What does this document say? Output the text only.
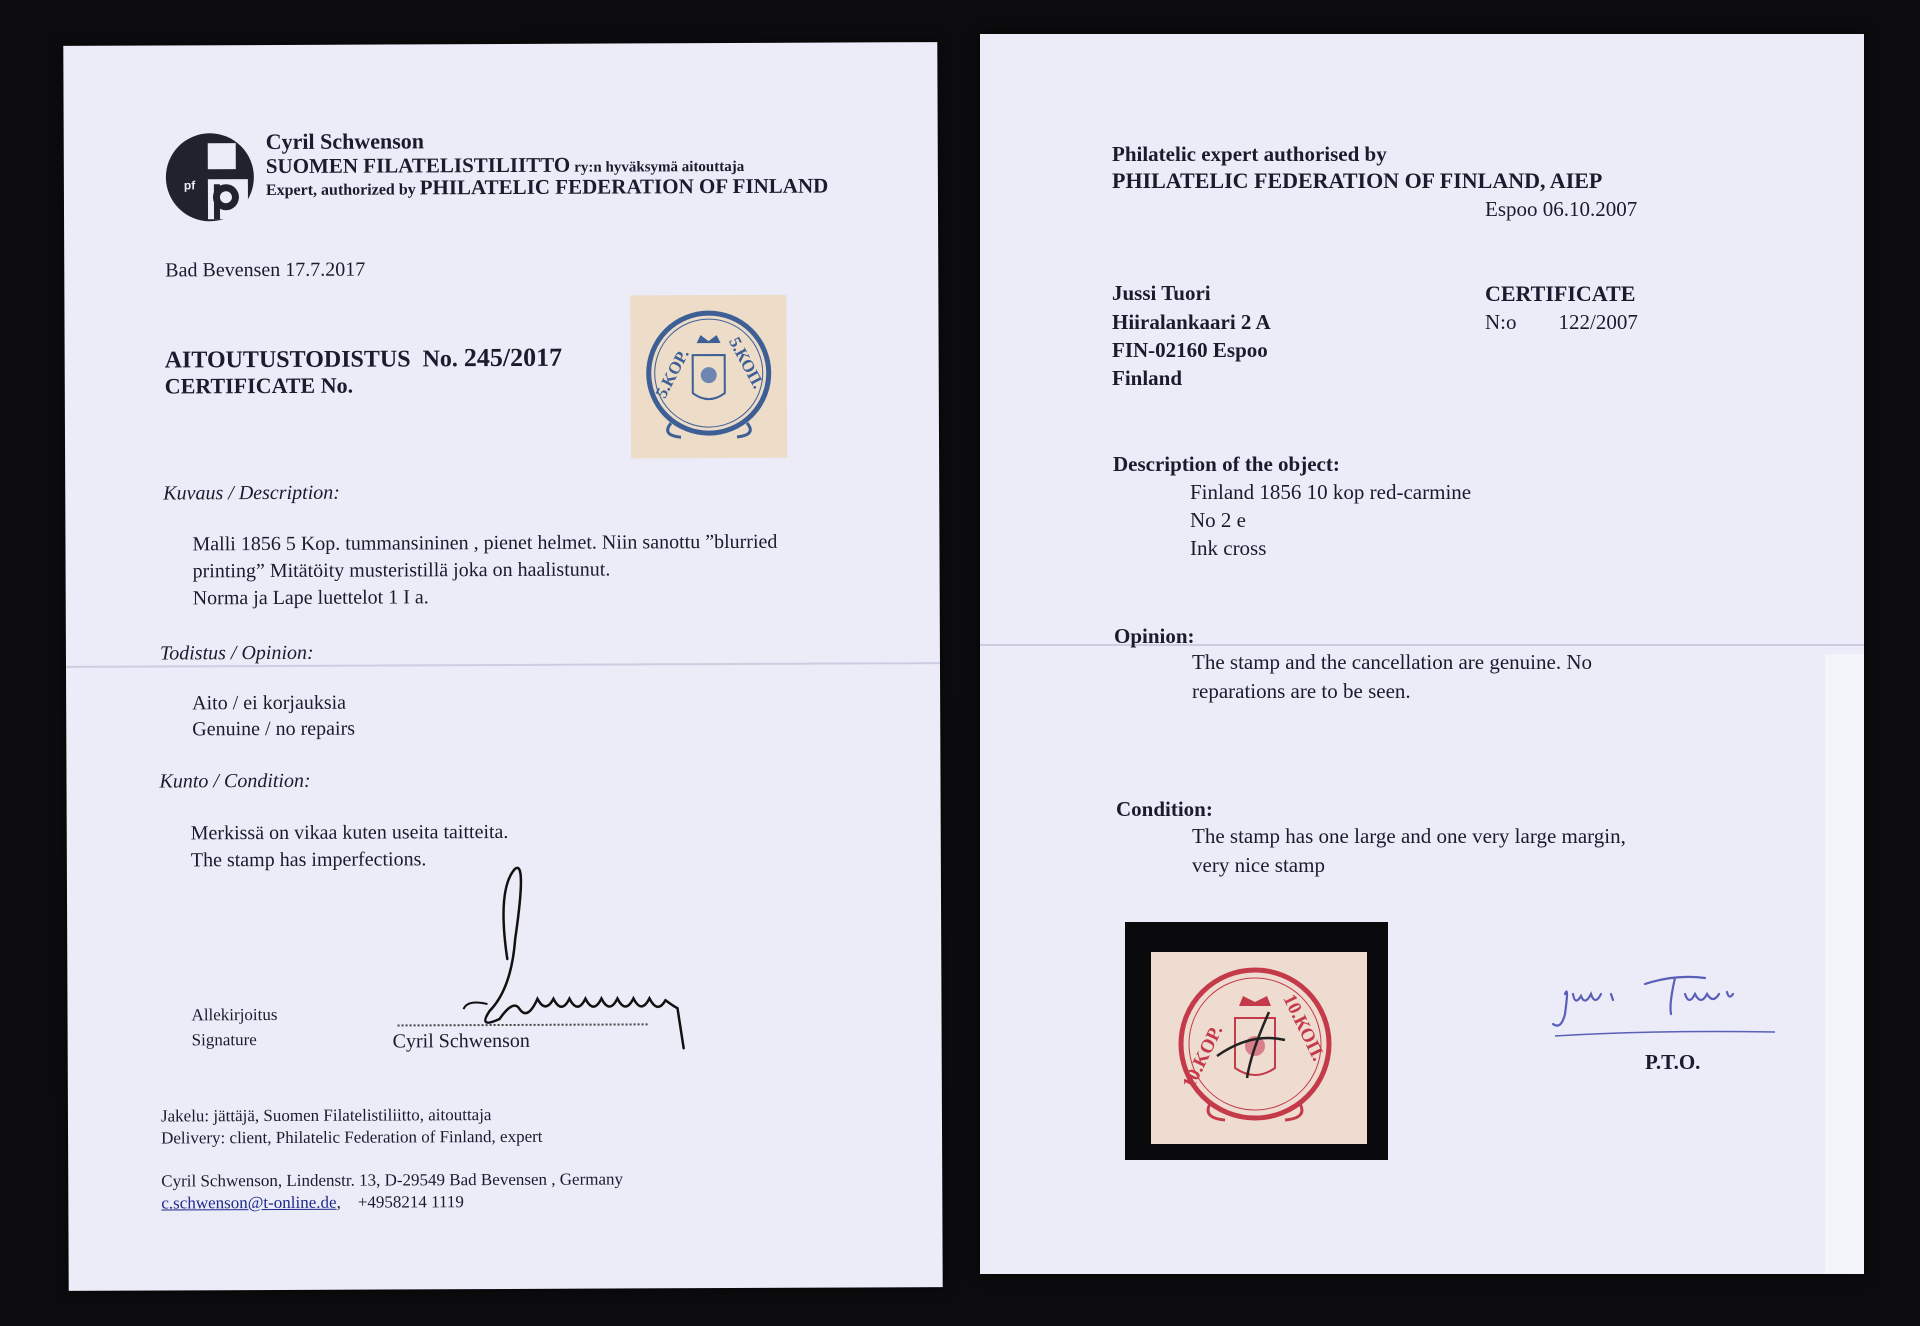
pf
Cyril Schwenson
SUOMEN FILATELISTILIITTO ry:n hyväksymä aitouttaja
Expert, authorized by PHILATELIC FEDERATION OF FINLAND
Bad Bevensen 17.7.2017
AITOUTUSTODISTUS No. 245/2017
CERTIFICATE No.	5.KOP. 5.КОП.
Kuvaus / Description:
Malli 1856 5 Kop. tummansininen , pienet helmet. Niin sanottu ”blurried
printing” Mitätöity musteristillä joka on haalistunut.
Norma ja Lape luettelot 1 I a.
Todistus / Opinion:
Aito / ei korjauksia
Genuine / no repairs
Kunto / Condition:
Merkissä on vikaa kuten useita taitteita.
The stamp has imperfections.
Allekirjoitus
Signature	Cyril Schwenson
Jakelu: jättäjä, Suomen Filatelistiliitto, aitouttaja
Delivery: client, Philatelic Federation of Finland, expert
Cyril Schwenson, Lindenstr. 13, D-29549 Bad Bevensen , Germany
c.schwenson@t-online.de,    +4958214 1119
Philatelic expert authorised by
PHILATELIC FEDERATION OF FINLAND, AIEP
Espoo 06.10.2007
Jussi Tuori
Hiiralankaari 2 A
FIN-02160 Espoo
Finland
CERTIFICATE
N:o 122/2007
Description of the object:
Finland 1856 10 kop red-carmine
No 2 e
Ink cross
Opinion:
The stamp and the cancellation are genuine. No
reparations are to be seen.
Condition:
The stamp has one large and one very large margin,
very nice stamp
10.KOP.	10.КОП.
Jussi Tuori
P.T.O.
